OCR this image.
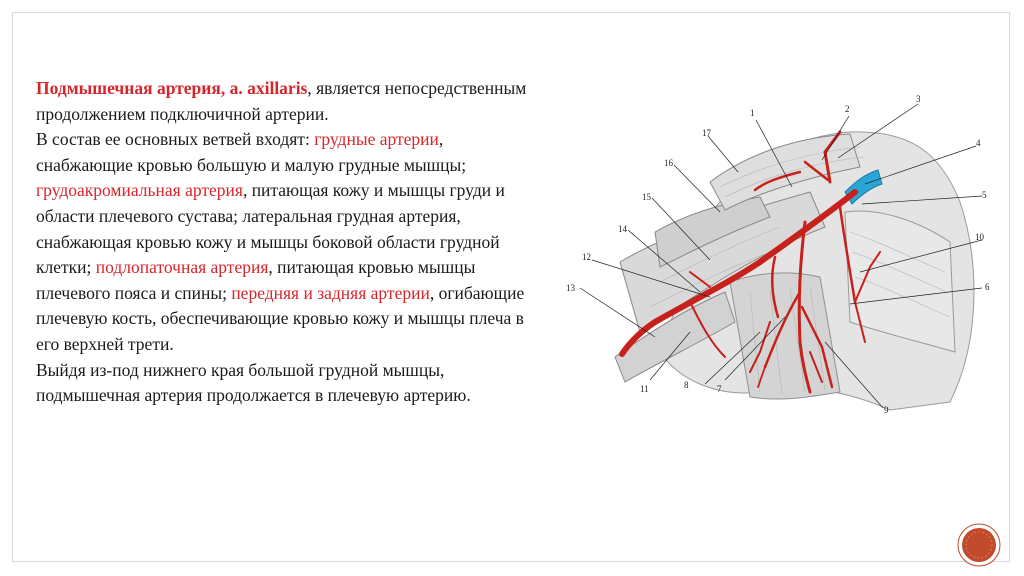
Подмышечная артерия, а. axillaris, является непосредственным продолжением подключичной артерии.

В состав ее основных ветвей входят: грудные артерии, снабжающие кровью большую и малую грудные мышцы; грудоакромиальная артерия, питающая кожу и мышцы груди и области плечевого сустава; латеральная грудная артерия, снабжающая кровью кожу и мышцы боковой области грудной клетки; подлопаточная артерия, питающая кровью мышцы плечевого пояса и спины; передняя и задняя артерии, огибающие плечевую кость, обеспечивающие кровью кожу и мышцы плеча в его верхней трети.

Выйдя из-под нижнего края большой грудной мышцы, подмышечная артерия продолжается в плечевую артерию.

1	2
3
4
5
6
7
8
9
10
11
12
13
14
15
16
17
